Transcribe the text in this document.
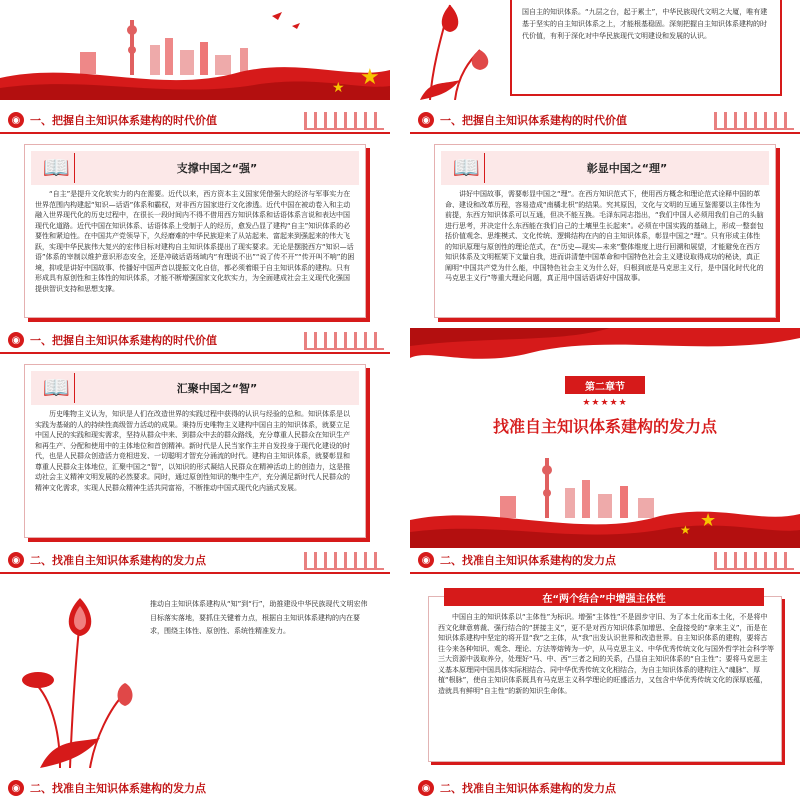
★
★
国自主的知识体系。“九层之台，起于累土”，中华民族现代文明之大厦，唯有建基于坚实的自主知识体系之上，才能根基稳固。深刻把握自主知识体系建构的时代价值，有利于深化对中华民族现代文明建设和发展的认识。
◉ 一、把握自主知识体系建构的时代价值
📖	支撑中国之“强”
“自主”是提升文化软实力的内在需要。近代以来，西方资本主义国家凭借强大的经济与军事实力在世界范围内构建起“知识—话语”体系和霸权，对非西方国家进行文化渗透。近代中国在被动卷入和主动融入世界现代化的历史过程中，在很长一段时间内不得不借用西方知识体系和话语体系言说和表达中国现代化道路。近代中国在知识体系、话语体系上受制于人的经历，愈发凸显了建构“自主”知识体系的必要性和紧迫性。在中国共产党领导下，久经磨难的中华民族迎来了从站起来、富起来到强起来的伟大飞跃，实现中华民族伟大复兴的宏伟目标对建构自主知识体系提出了现实要求。无论是摆脱西方“知识—话语”体系的宰制以维护意识形态安全，还是冲破话语场域内“有理说不出”“说了传不开”“传开叫不响”的困境，抑或是讲好中国故事、传播好中国声音以提振文化自信，都必须着眼于自主知识体系的建构。只有形成具有原创性和主体性的知识体系，才能不断增强国家文化软实力，为全面建成社会主义现代化强国提供智识支持和思想支撑。
◉ 一、把握自主知识体系建构的时代价值
📖	彰显中国之“理”
讲好中国故事，需要彰显中国之“理”。在西方知识范式下，使用西方概念和理论范式诠释中国的革命、建设和改革历程，容易造成“南橘北枳”的结果。究其原因，文化与文明的互通互鉴需要以主体性为前提，东西方知识体系可以互通，但决不能互换。毛泽东同志指出，“我们中国人必须用我们自己的头脑进行思考，并决定什么东西能在我们自己的土壤里生长起来”。必须在中国实践的基础上，形成一整套包括价值观念、思维模式、文化传统、逻辑结构在内的自主知识体系，彰显中国之“理”。只有形成主体性的知识原理与原创性的理论范式，在“历史—现实—未来”整体维度上进行回溯和展望，才能避免在西方知识体系及文明框架下文量自我，进而讲清楚中国革命和中国特色社会主义建设取得成功的秘诀，真正阐明“中国共产党为什么能，中国特色社会主义为什么好，归根到底是马克思主义行，是中国化时代化的马克思主义行”等重大理论问题，真正用中国话语讲好中国故事。
◉ 一、把握自主知识体系建构的时代价值
📖	汇聚中国之“智”
历史唯物主义认为，知识是人们在改造世界的实践过程中获得的认识与经验的总和。知识体系是以实践为基础的人的持续性高级智力活动的成果。秉持历史唯物主义建构中国自主的知识体系，就要立足中国人民的实践和现实需求，坚持从群众中来、到群众中去的群众路线，充分尊重人民群众在知识生产和再生产、分配和使用中的主体地位和首创精神。新时代是人民当家作主并自发投身于现代化建设的时代，也是人民群众创造活力竞相进发、一切聪明才智充分涌流的时代。建构自主知识体系，就要彰显和尊重人民群众主体地位，汇聚中国之“智”，以知识的形式凝结人民群众在精神活动上的创造力，这是推动社会主义精神文明发展的必然要求。同时，通过原创性知识的集中生产，充分满足新时代人民群众的精神文化需求，实现人民群众精神生活共同富裕，不断推动中国式现代化内涵式发展。
第二章节
★★★★★
找准自主知识体系建构的发力点
★
★
◉ 二、找准自主知识体系建构的发力点
推动自主知识体系建构从“知”到“行”，助推建设中华民族现代文明宏伟目标落实落地，要抓住关键着力点，根据自主知识体系建构的内在要求，围绕主体性、原创性、系统性精准发力。
◉ 二、找准自主知识体系建构的发力点
在“两个结合”中增强主体性
中国自主的知识体系以“主体性”为标识。增强“主体性”不是固步守旧、为了本土化而本土化，不是将中西文化肆意剪裁、强行结合的“拼接主义”，更不是对西方知识体系加增思、全盘接受的“拿来主义”，而是在知识体系建构中坚定的将开显“我”之主体，从“我”出发认识世界和改造世界。自主知识体系的建构，要将古往今来各种知识、观念、理论、方法等熔铸为一炉，从马克思主义、中华优秀传统文化与国外哲学社会科学等三大资源中汲取养分，处理好“马、中、西”三者之间的关系，凸显自主知识体系的“自主性”；要将马克思主义基本原理同中国具体实际相结合、同中华优秀传统文化相结合，为自主知识体系的建构注入“魂脉”、厚植“根脉”，使自主知识体系既具有马克思主义科学理论的旺盛活力，又包含中华优秀传统文化的深厚底蕴，造就具有鲜明“自主性”的新的知识生命体。
◉ 二、找准自主知识体系建构的发力点	◉ 二、找准自主知识体系建构的发力点
